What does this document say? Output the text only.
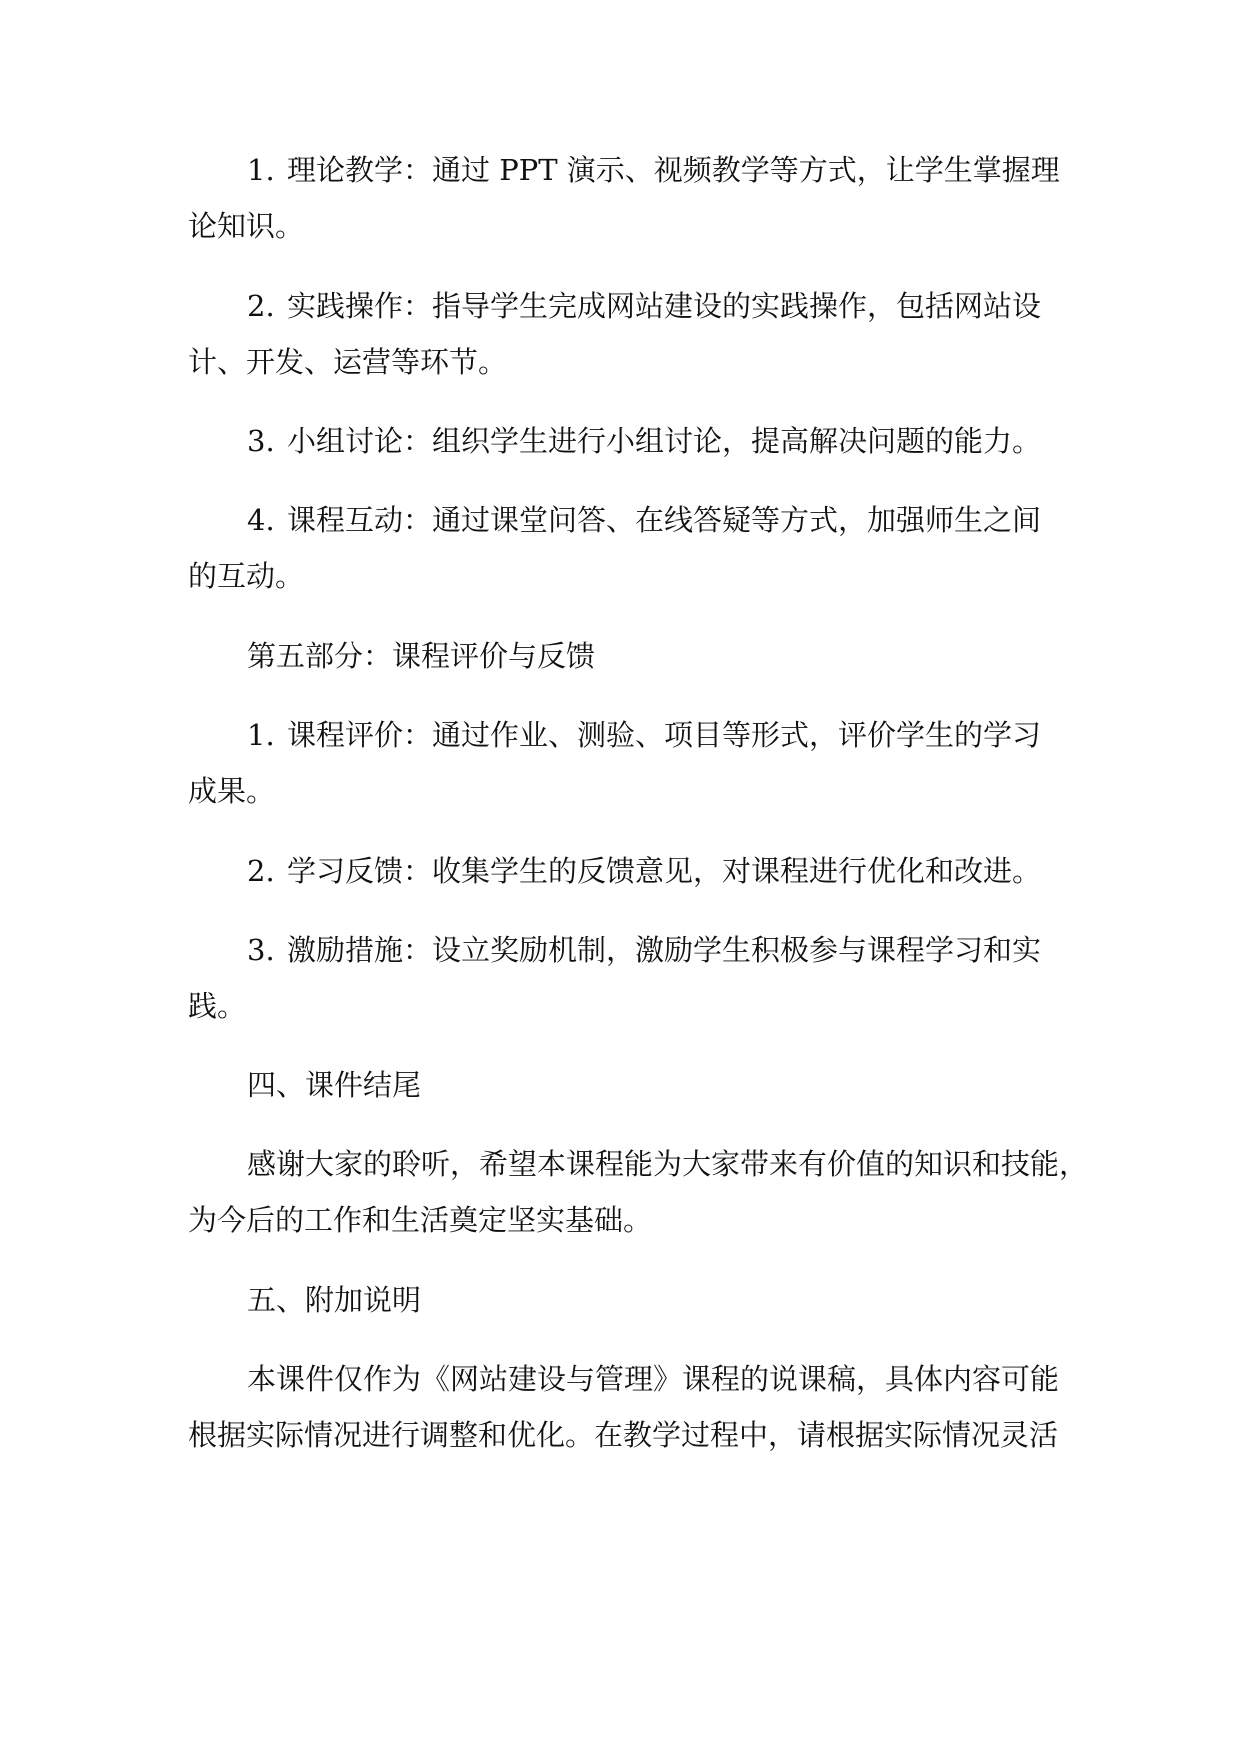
1. 理论教学：通过 PPT 演示、视频教学等方式，让学生掌握理
论知识。
2. 实践操作：指导学生完成网站建设的实践操作，包括网站设
计、开发、运营等环节。
3. 小组讨论：组织学生进行小组讨论，提高解决问题的能力。
4. 课程互动：通过课堂问答、在线答疑等方式，加强师生之间
的互动。
第五部分：课程评价与反馈
1. 课程评价：通过作业、测验、项目等形式，评价学生的学习
成果。
2. 学习反馈：收集学生的反馈意见，对课程进行优化和改进。
3. 激励措施：设立奖励机制，激励学生积极参与课程学习和实
践。
四、课件结尾
感谢大家的聆听，希望本课程能为大家带来有价值的知识和技能，
为今后的工作和生活奠定坚实基础。
五、附加说明
本课件仅作为《网站建设与管理》课程的说课稿，具体内容可能
根据实际情况进行调整和优化。在教学过程中，请根据实际情况灵活
